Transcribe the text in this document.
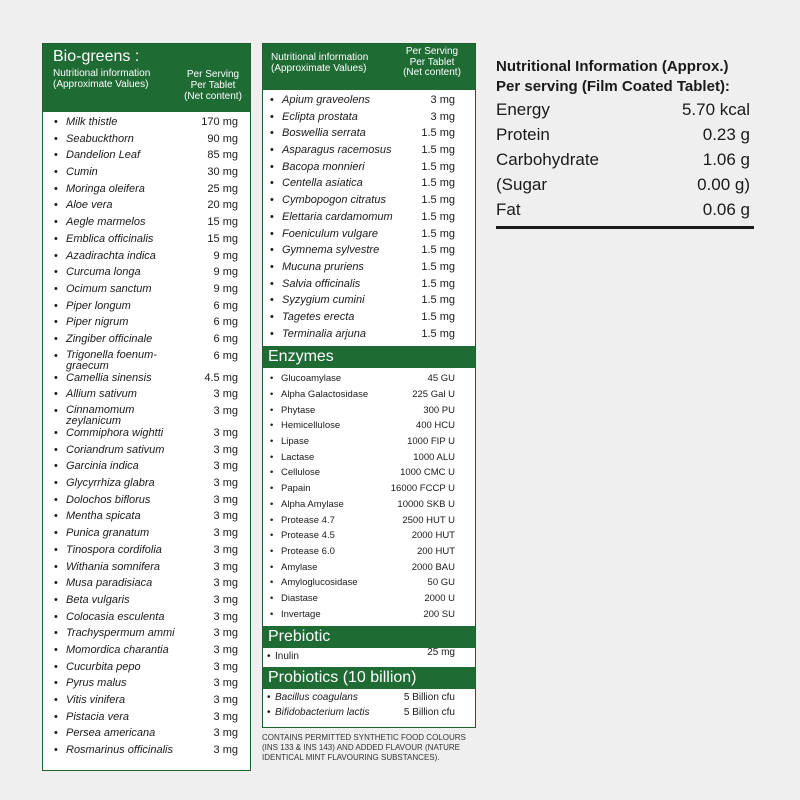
Bio-greens :
Nutritional information (Approximate Values)
Per Serving Per Tablet (Net content)
• Milk thistle	170 mg
• Seabuckthorn	90 mg
• Dandelion Leaf	85 mg
• Cumin	30 mg
• Moringa oleifera	25 mg
• Aloe vera	20 mg
• Aegle marmelos	15 mg
• Emblica officinalis	15 mg
• Azadirachta indica	9 mg
• Curcuma longa	9 mg
• Ocimum sanctum	9 mg
• Piper longum	6 mg
• Piper nigrum	6 mg
• Zingiber officinale	6 mg
• Trigonella foenum-graecum
6 mg
• Camellia sinensis	4.5 mg
• Allium sativum	3 mg
• Cinnamomum zeylanicum
3 mg
• Commiphora wightti	3 mg
• Coriandrum sativum	3 mg
• Garcinia indica	3 mg
• Glycyrrhiza glabra	3 mg
• Dolochos biflorus	3 mg
• Mentha spicata	3 mg
• Punica granatum	3 mg
• Tinospora cordifolia	3 mg
• Withania somnifera	3 mg
• Musa paradisiaca	3 mg
• Beta vulgaris	3 mg
• Colocasia esculenta	3 mg
• Trachyspermum ammi	3 mg
• Momordica charantia	3 mg
• Cucurbita pepo	3 mg
• Pyrus malus	3 mg
• Vitis vinifera	3 mg
• Pistacia vera	3 mg
• Persea americana	3 mg
• Rosmarinus officinalis	3 mg
Nutritional information (Approximate Values)
Per Serving Per Tablet (Net content)
• Apium graveolens	3 mg
• Eclipta prostata	3 mg
• Boswellia serrata	1.5 mg
• Asparagus racemosus	1.5 mg
• Bacopa monnieri	1.5 mg
• Centella asiatica	1.5 mg
• Cymbopogon citratus	1.5 mg
• Elettaria cardamomum	1.5 mg
• Foeniculum vulgare	1.5 mg
• Gymnema sylvestre	1.5 mg
• Mucuna pruriens	1.5 mg
• Salvia officinalis	1.5 mg
• Syzygium cumini	1.5 mg
• Tagetes erecta	1.5 mg
• Terminalia arjuna	1.5 mg
Enzymes
• Glucoamylase	45 GU
• Alpha Galactosidase	225 Gal U
• Phytase	300 PU
• Hemicellulose	400 HCU
• Lipase	1000 FIP U
• Lactase	1000 ALU
• Cellulose	1000 CMC U
• Papain	16000 FCCP U
• Alpha Amylase	10000 SKB U
• Protease 4.7	2500 HUT U
• Protease 4.5	2000 HUT
• Protease 6.0	200 HUT
• Amylase	2000 BAU
• Amyloglucosidase	50 GU
• Diastase	2000 U
• Invertage	200 SU
Prebiotic
• Inulin	25 mg
Probiotics (10 billion)
• Bacillus coagulans	5 Billion cfu
• Bifidobacterium lactis	5 Billion cfu
CONTAINS PERMITTED SYNTHETIC FOOD COLOURS (INS 133 & INS 143) AND ADDED FLAVOUR (NATURE IDENTICAL MINT FLAVOURING SUBSTANCES).
Nutritional Information (Approx.)
Per serving (Film Coated Tablet):
Energy	5.70 kcal
Protein	0.23 g
Carbohydrate	1.06 g
(Sugar	0.00 g)
Fat	0.06 g
